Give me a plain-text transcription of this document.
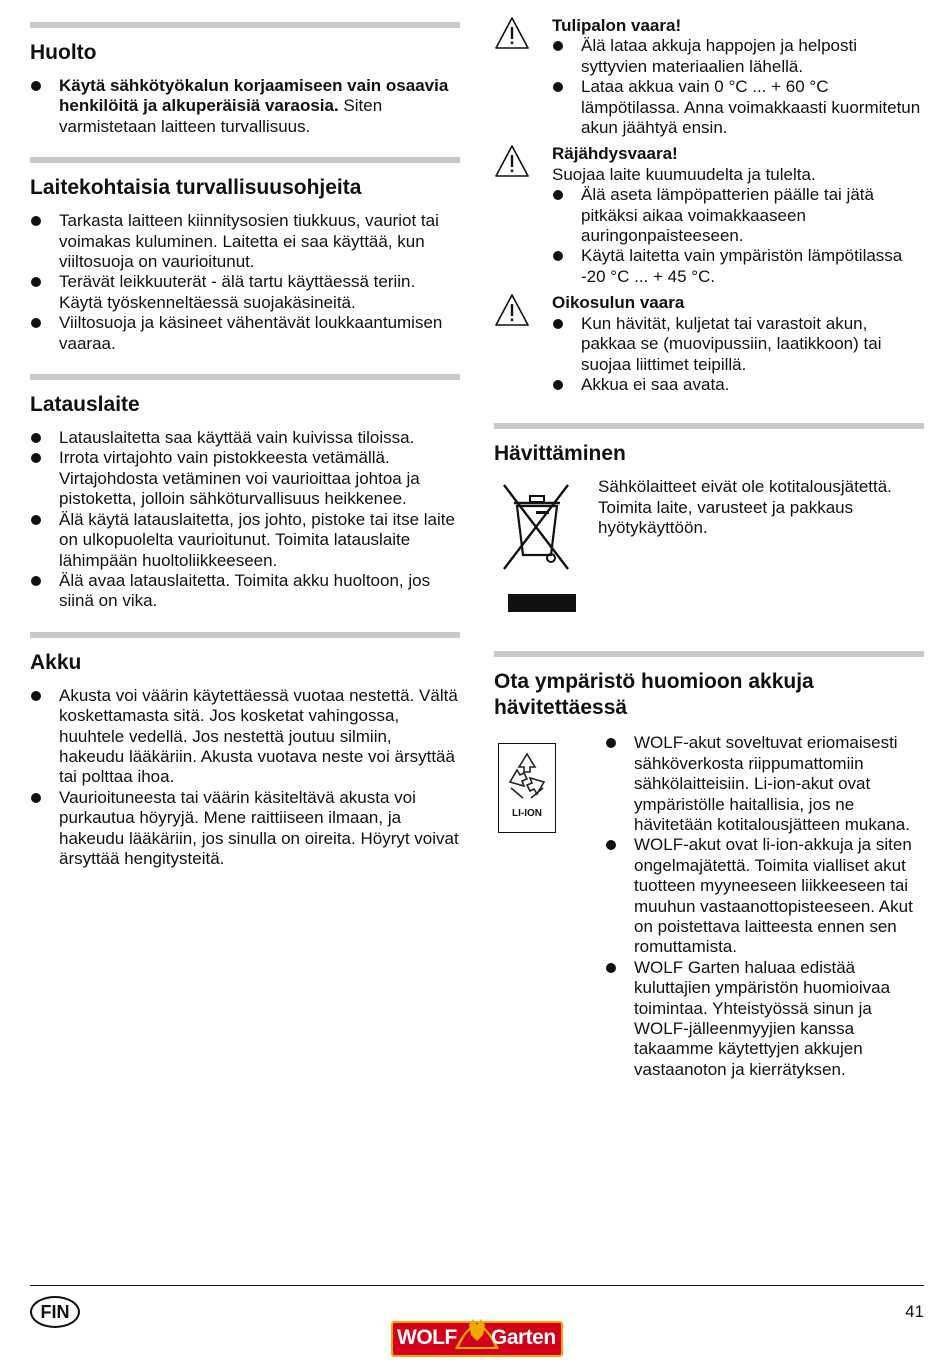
Huolto
Käytä sähkötyökalun korjaamiseen vain osaavia henkilöitä ja alkuperäisiä varaosia. Siten varmistetaan laitteen turvallisuus.
Laitekohtaisia turvallisuusohjeita
Tarkasta laitteen kiinnitysosien tiukkuus, vauriot tai voimakas kuluminen. Laitetta ei saa käyttää, kun viiltosuoja on vaurioitunut.
Terävät leikkuuterät - älä tartu käyttäessä teriin. Käytä työskenneltäessä suojakäsineitä.
Viiltosuoja ja käsineet vähentävät loukkaantumisen vaaraa.
Latauslaite
Latauslaitetta saa käyttää vain kuivissa tiloissa.
Irrota virtajohto vain pistokkeesta vetämällä. Virtajohdosta vetäminen voi vaurioittaa johtoa ja pistoketta, jolloin sähköturvallisuus heikkenee.
Älä käytä latauslaitetta, jos johto, pistoke tai itse laite on ulkopuolelta vaurioitunut. Toimita latauslaite lähimpään huoltoliikkeeseen.
Älä avaa latauslaitetta. Toimita akku huoltoon, jos siinä on vika.
Akku
Akusta voi väärin käytettäessä vuotaa nestettä. Vältä koskettamasta sitä. Jos kosketat vahingossa, huuhtele vedellä. Jos nestettä joutuu silmiin, hakeudu lääkäriin. Akusta vuotava neste voi ärsyttää tai polttaa ihoa.
Vaurioituneesta tai väärin käsiteltävä akusta voi purkautua höyryjä. Mene raittiiseen ilmaan, ja hakeudu lääkäriin, jos sinulla on oireita. Höyryt voivat ärsyttää hengitysteitä.
Tulipalon vaara!
Älä lataa akkuja happojen ja helposti syttyvien materiaalien lähellä.
Lataa akkua vain 0 °C ... + 60 °C lämpötilassa. Anna voimakkaasti kuormitetun akun jäähtyä ensin.
Räjähdysvaara!
Suojaa laite kuumuudelta ja tulelta.
Älä aseta lämpöpatterien päälle tai jätä pitkäksi aikaa voimakkaaseen auringonpaisteeseen.
Käytä laitetta vain ympäristön lämpötilassa -20 °C ... + 45 °C.
Oikosulun vaara
Kun hävität, kuljetat tai varastoit akun, pakkaa se (muovipussiin, laatikkoon) tai suojaa liittimet teipillä.
Akkua ei saa avata.
Hävittäminen
Sähkölaitteet eivät ole kotitalousjätettä. Toimita laite, varusteet ja pakkaus hyötykäyttöön.
Ota ympäristö huomioon akkuja hävitettäessä
LI-ION
WOLF-akut soveltuvat eriomaisesti sähköverkosta riippumattomiin sähkölaitteisiin. Li-ion-akut ovat ympäristölle haitallisia, jos ne hävitetään kotitalousjätteen mukana.
WOLF-akut ovat li-ion-akkuja ja siten ongelmajätettä. Toimita vialliset akut tuotteen myyneeseen liikkeeseen tai muuhun vastaanottopisteeseen. Akut on poistettava laitteesta ennen sen romuttamista.
WOLF Garten haluaa edistää kuluttajien ympäristön huomioivaa toimintaa. Yhteistyössä sinun ja WOLF-jälleenmyyjien kanssa takaamme käytettyjen akkujen vastaanoton ja kierrätyksen.
FIN	41
WOLF Garten
